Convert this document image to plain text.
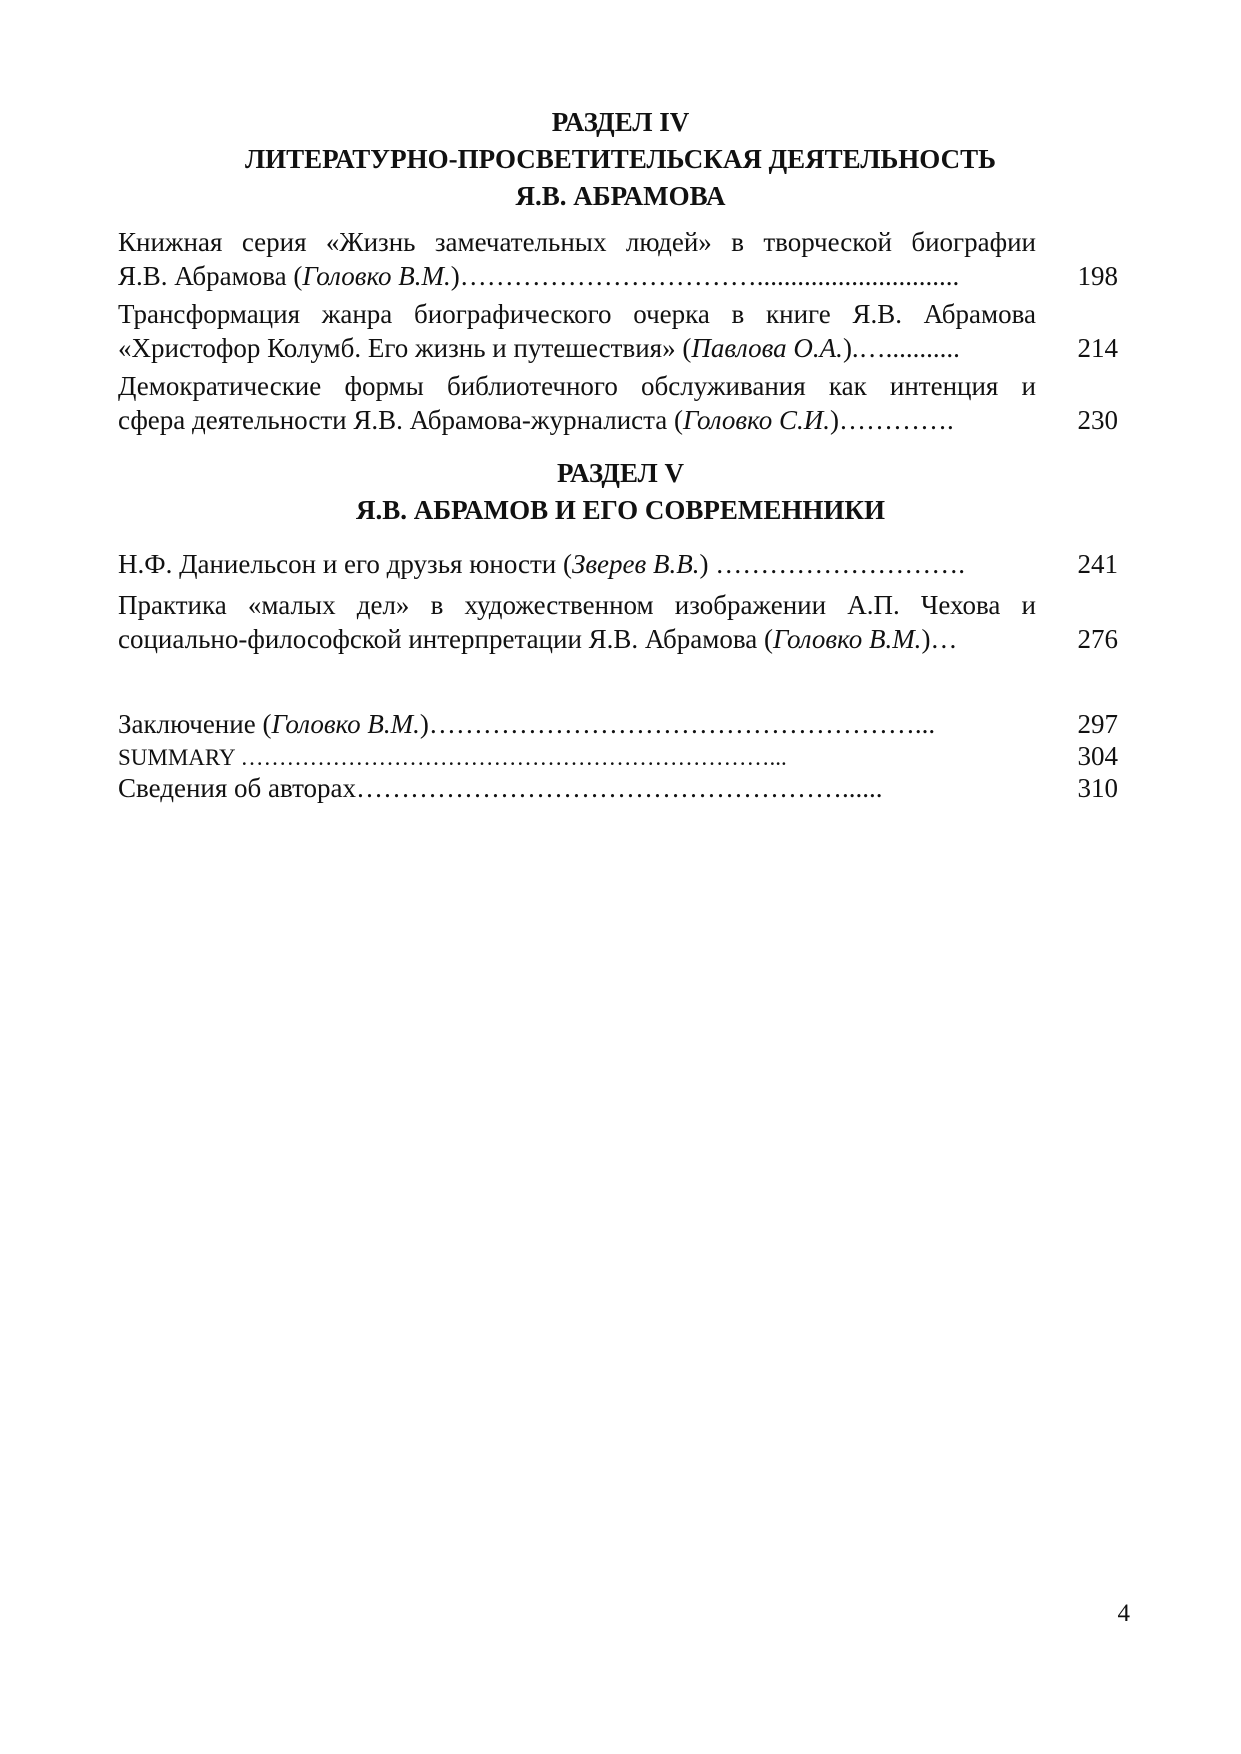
РАЗДЕЛ IV
ЛИТЕРАТУРНО-ПРОСВЕТИТЕЛЬСКАЯ ДЕЯТЕЛЬНОСТЬ
Я.В. АБРАМОВА
Книжная серия «Жизнь замечательных людей» в творческой биографии
Я.В. Абрамова (Головко В.М.)……………………………..............................	198
Трансформация жанра биографического очерка в книге Я.В. Абрамова
«Христофор Колумб. Его жизнь и путешествия» (Павлова О.А.).…...........	214
Демократические формы библиотечного обслуживания как интенция и
сфера деятельности Я.В. Абрамова-журналиста (Головко С.И.)………….	230
РАЗДЕЛ V
Я.В. АБРАМОВ И ЕГО СОВРЕМЕННИКИ
Н.Ф. Даниельсон и его друзья юности (Зверев В.В.) ……………………….	241
Практика «малых дел» в художественном изображении А.П. Чехова и
социально-философской интерпретации Я.В. Абрамова (Головко В.М.)…	276
Заключение (Головко В.М.)………………………………………………...	297
SUMMARY ……………………………………………………………...	304
Сведения об авторах………………………………………………......	310
4
